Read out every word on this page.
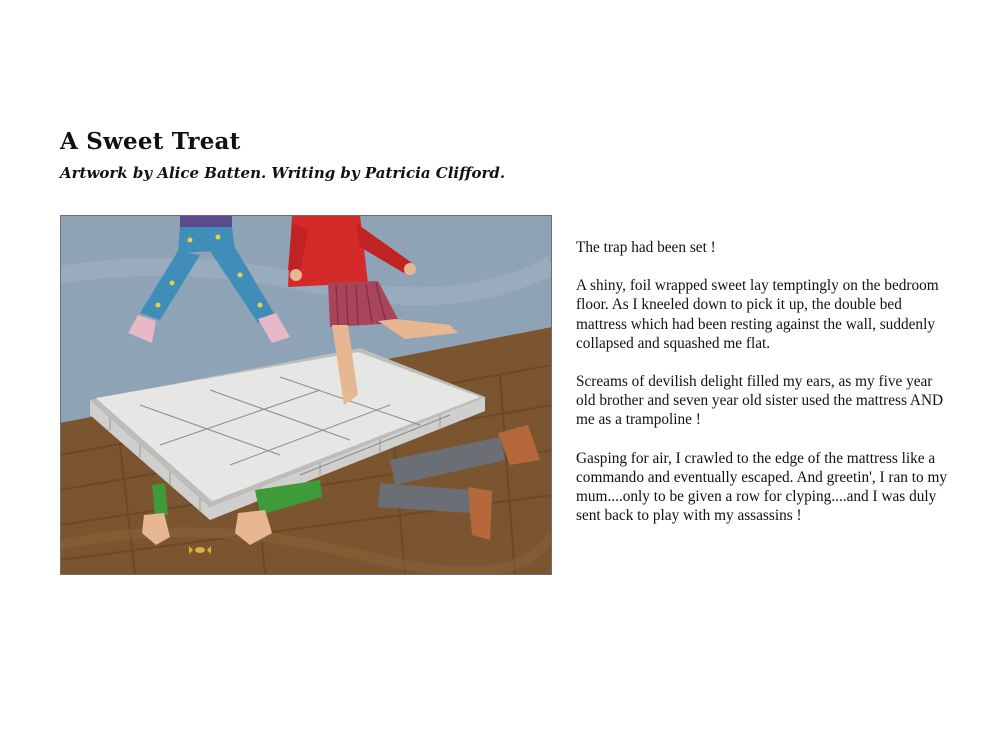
A Sweet Treat

Artwork by Alice Batten. Writing by Patricia Clifford.

The trap had been set !

A shiny, foil wrapped sweet lay temptingly on the bedroom floor. As I kneeled down to pick it up, the double bed mattress which had been resting against the wall, suddenly collapsed and squashed me flat.

Screams of devilish delight filled my ears, as my five year old brother and seven year old sister used the mattress AND me as a trampoline !

Gasping for air, I crawled to the edge of the mattress like a commando and eventually escaped. And greetin', I ran to my mum....only to be given a row for clyping....and I was duly sent back to play with my assassins !
